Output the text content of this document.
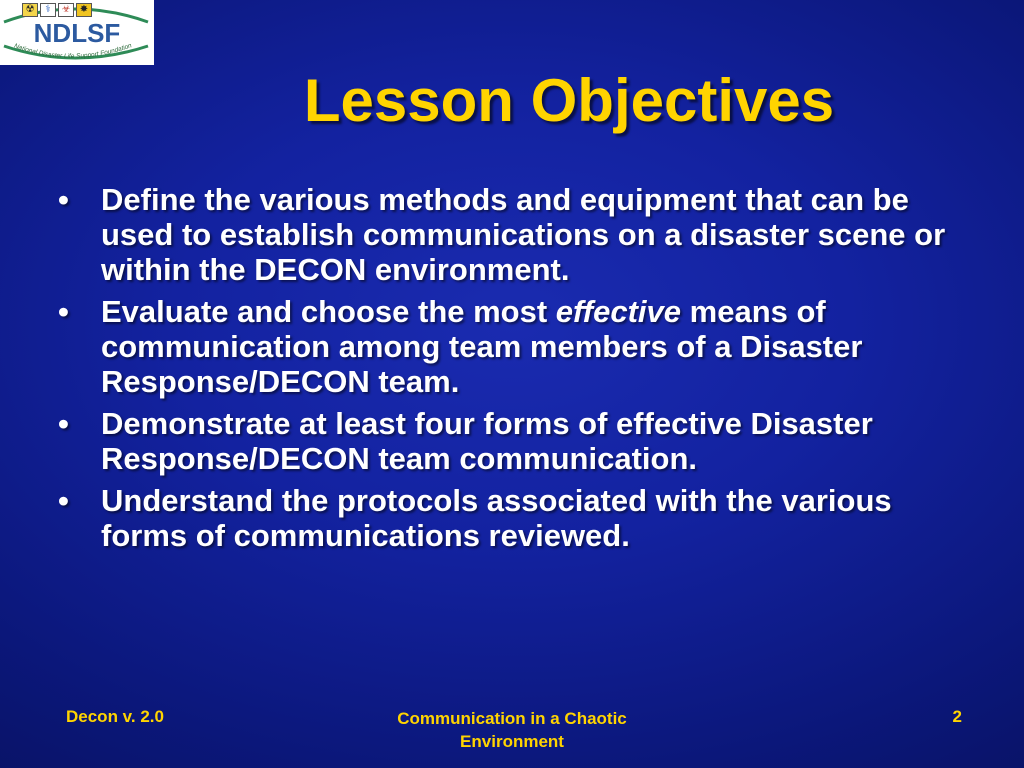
NDLSF
National Disaster Life Support Foundation
☢	⚕	☣ ✸
Lesson Objectives
•	Define the various methods and equipment that can be used to establish communications on a disaster scene or within the DECON environment.
•	Evaluate and choose the most effective means of communication among team members of a Disaster Response/DECON team.
•	Demonstrate at least four forms of effective Disaster Response/DECON team communication.
•	Understand the protocols associated with the various forms of communications reviewed.
Decon v. 2.0	Communication in a Chaotic
Environment
2
